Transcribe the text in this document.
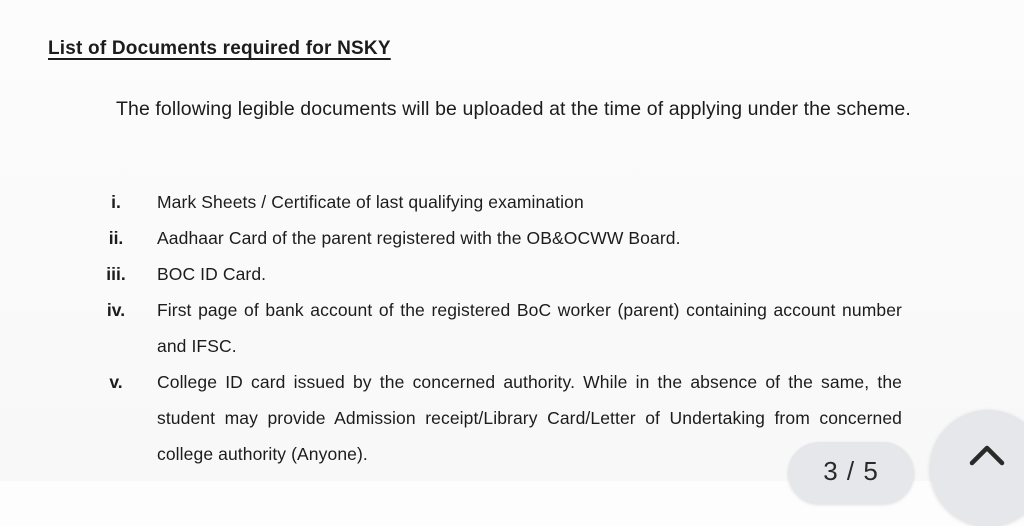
List of Documents required for NSKY
The following legible documents will be uploaded at the time of applying under the scheme.
i.	Mark Sheets / Certificate of last qualifying examination
ii.	Aadhaar Card of the parent registered with the OB&OCWW Board.
iii.	BOC ID Card.
iv.	First page of bank account of the registered BoC worker (parent) containing account number and IFSC.
v.	College ID card issued by the concerned authority. While in the absence of the same, the student may provide Admission receipt/Library Card/Letter of Undertaking from concerned college authority (Anyone).
3 / 5
